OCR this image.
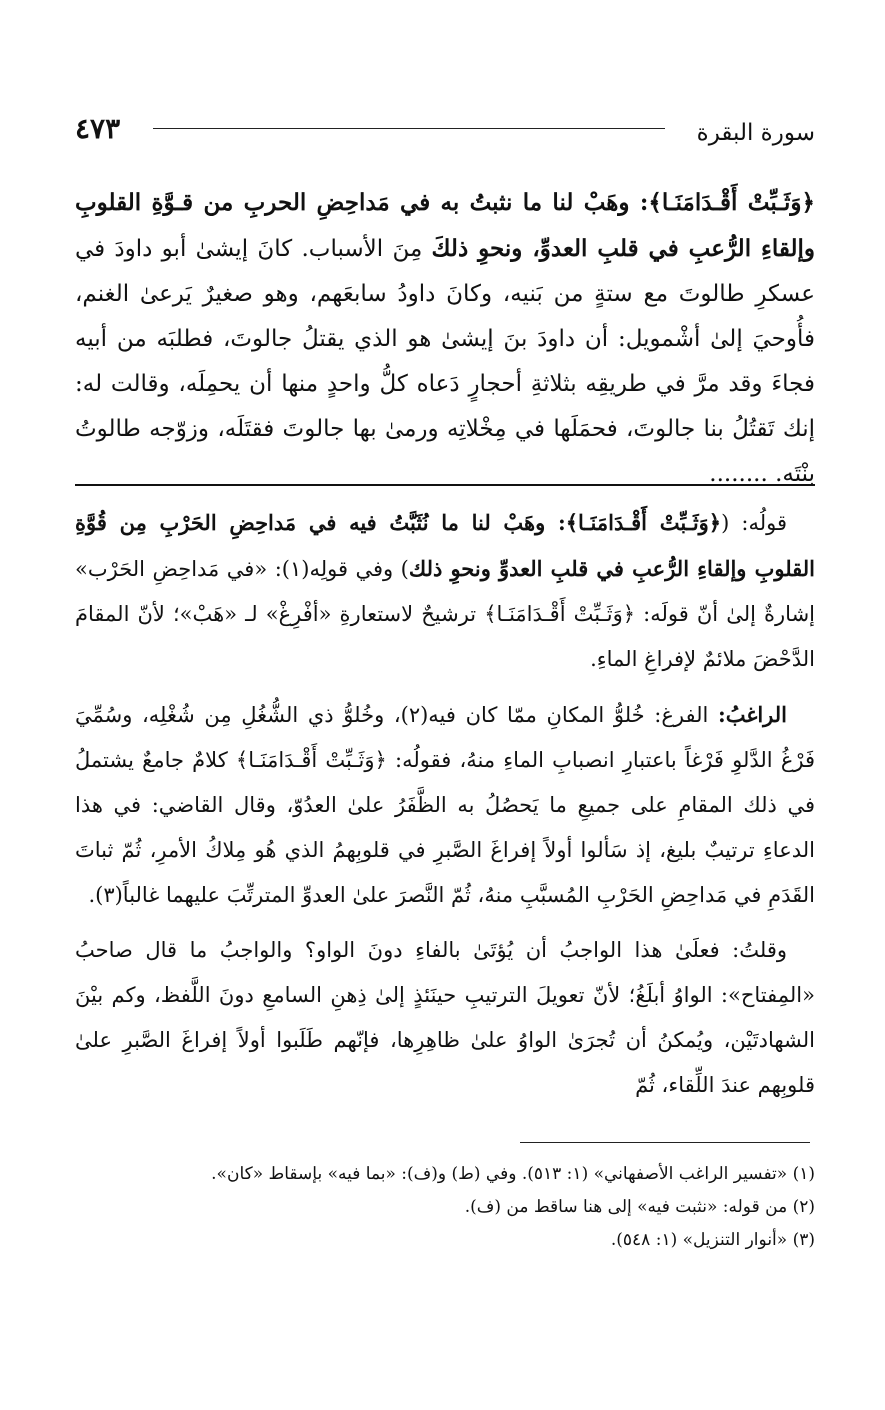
سورة البقرة
٤٧٣

﴿وَثَـبِّتْ أَقْـدَامَنَـا﴾: وهَبْ لنا ما نثبتُ به في مَداحِضِ الحربِ من قـوَّةِ القلوبِ وإلقاءِ الرُّعبِ في قلبِ العدوِّ، ونحوِ ذلكَ مِنَ الأسباب. كانَ إيشىٰ أبو داودَ في عسكرِ طالوتَ مع ستةٍ من بَنيه، وكانَ داودُ سابعَهم، وهو صغيرٌ يَرعىٰ الغنم، فأُوحيَ إلىٰ أشْمويل: أن داودَ بنَ إيشىٰ هو الذي يقتلُ جالوتَ، فطلبَه من أبيه فجاءَ وقد مرَّ في طريقِه بثلاثةِ أحجارٍ دَعاه كلُّ واحدٍ منها أن يحمِلَه، وقالت له: إنك تَقتُلُ بنا جالوتَ، فحمَلَها في مِخْلاتِه ورمىٰ بها جالوتَ فقتَلَه، وزوّجه طالوتُ بنْتَه. ........

قولُه: (﴿وَثَـبِّتْ أَقْـدَامَنَـا﴾: وهَبْ لنا ما نُثَبَّتُ فيه في مَداحِضِ الحَرْبِ مِن قُوَّةِ القلوبِ وإلقاءِ الرُّعبِ في قلبِ العدوِّ ونحوِ ذلك) وفي قولِه(١): «في مَداحِضِ الحَرْب» إشارةٌ إلىٰ أنّ قولَه: ﴿وَثَـبِّتْ أَقْـدَامَنَـا﴾ ترشيحٌ لاستعارةِ «أفْرِغْ» لـ «هَبْ»؛ لأنّ المقامَ الدَّحْضَ ملائمٌ لإفراغِ الماءِ.

الراغبُ: الفرغ: خُلوُّ المكانِ ممّا كان فيه(٢)، وخُلوُّ ذي الشُّغُلِ مِن شُغْلِه، وسُمِّيَ فَرْغُ الدَّلوِ فَرْغاً باعتبارِ انصبابِ الماءِ منهُ، فقولُه: ﴿وَثَـبِّتْ أَقْـدَامَنَـا﴾ كلامٌ جامعٌ يشتملُ في ذلك المقامِ على جميعِ ما يَحصُلُ به الظَّفَرُ علىٰ العدُوّ، وقال القاضي: في هذا الدعاءِ ترتيبٌ بليغ، إذ سَألوا أولاً إفراغَ الصَّبرِ في قلوبِهمُ الذي هُو مِلاكُ الأمرِ، ثُمّ ثباتَ القَدَمِ في مَداحِضِ الحَرْبِ المُسبَّبِ منهُ، ثُمّ النَّصرَ علىٰ العدوِّ المترتِّبَ عليهما غالباً(٣).

وقلتُ: فعلَىٰ هذا الواجبُ أن يُؤتَىٰ بالفاءِ دونَ الواو؟ والواجبُ ما قال صاحبُ «المِفتاح»: الواوُ أبلَغُ؛ لأنّ تعويلَ الترتيبِ حينَئذٍ إلىٰ ذِهنِ السامعِ دونَ اللَّفظ، وكم بيْنَ الشهادتَيْن، ويُمكنُ أن تُجرَىٰ الواوُ علىٰ ظاهِرِها، فإنّهم طَلَبوا أولاً إفراغَ الصَّبرِ علىٰ قلوبِهم عندَ اللِّقاء، ثُمّ

(١) «تفسير الراغب الأصفهاني» (١: ٥١٣). وفي (ط) و(ف): «بما فيه» بإسقاط «كان».

(٢) من قوله: «نثبت فيه» إلى هنا ساقط من (ف).

(٣) «أنوار التنزيل» (١: ٥٤٨).
